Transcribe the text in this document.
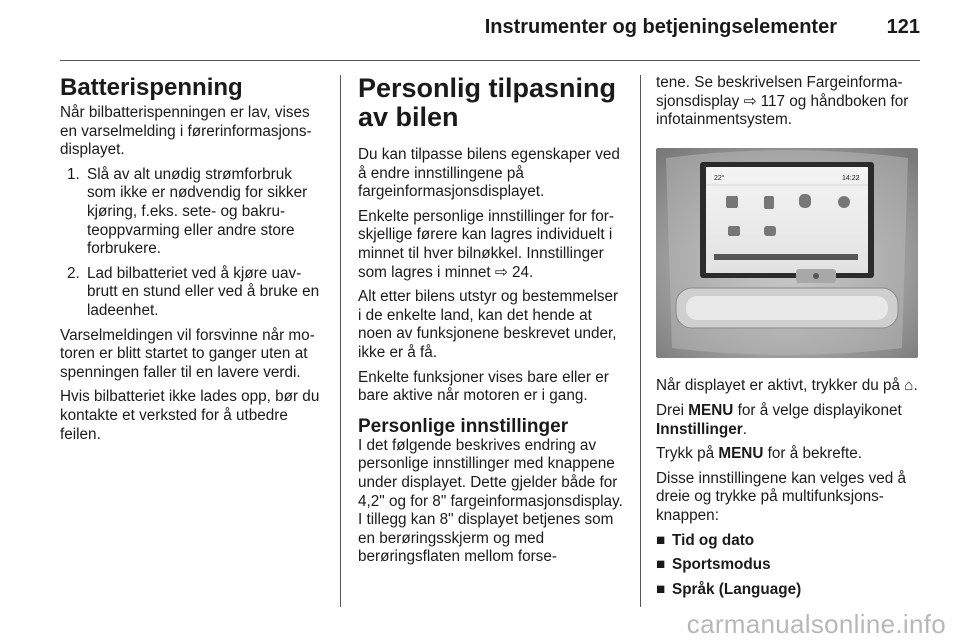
Instrumenter og betjeningselementer 121
Batterispenning

Når bilbatterispenningen er lav, vises en varselmelding i førerinformasjonsdisplayet.

1. Slå av alt unødig strømforbruk som ikke er nødvendig for sikker kjøring, f.eks. sete- og bakruteoppvarming eller andre store forbrukere.
2. Lad bilbatteriet ved å kjøre uavbrutt en stund eller ved å bruke en ladeenhet.

Varselmeldingen vil forsvinne når motoren er blitt startet to ganger uten at spenningen faller til en lavere verdi.

Hvis bilbatteriet ikke lades opp, bør du kontakte et verksted for å utbedre feilen.

Personlig tilpasning av bilen

Du kan tilpasse bilens egenskaper ved å endre innstillingene på fargeinformasjonsdisplayet.

Enkelte personlige innstillinger for forskjellige førere kan lagres individuelt i minnet til hver bilnøkkel. Innstillinger som lagres i minnet ⇨ 24.

Alt etter bilens utstyr og bestemmelser i de enkelte land, kan det hende at noen av funksjonene beskrevet under, ikke er å få.

Enkelte funksjoner vises bare eller er bare aktive når motoren er i gang.

Personlige innstillinger

I det følgende beskrives endring av personlige innstillinger med knappene under displayet. Dette gjelder både for 4,2" og for 8" fargeinformasjonsdisplay. I tillegg kan 8" displayet betjenes som en berøringsskjerm og med berøringsflaten mellom forse-

tene. Se beskrivelsen Fargeinformasjonsdisplay ⇨ 117 og håndboken for infotainmentsystem.

22°	14:22

Når displayet er aktivt, trykker du på ⌂.

Drei MENU for å velge displayikonet Innstillinger.

Trykk på MENU for å bekrefte.

Disse innstillingene kan velges ved å dreie og trykke på multifunksjonsknappen:

■ Tid og dato
■ Sportsmodus
■ Språk (Language)
carmanualsonline.info
